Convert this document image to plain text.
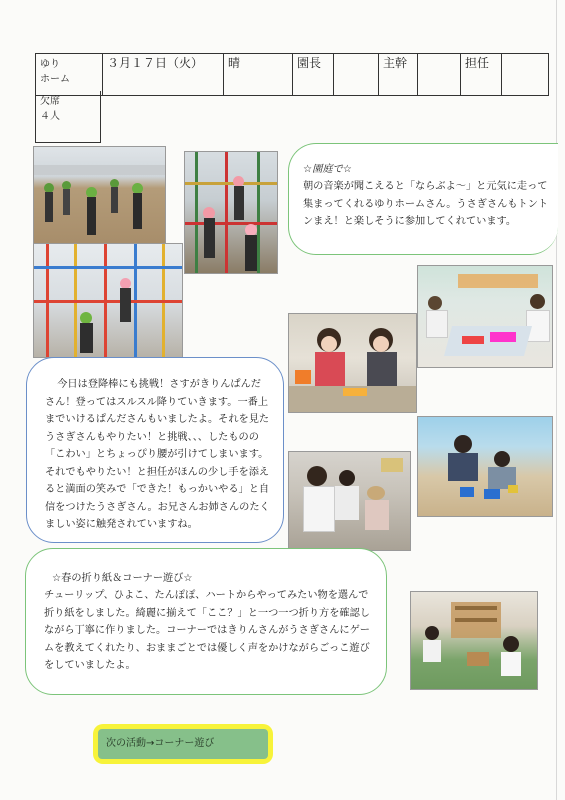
ゆり
ホーム
	３月１７日（火）	晴	園長		主幹		担任	
欠席
４人
☆園庭で☆
朝の音楽が聞こえると「ならぶよ～」と元気に走って集まってくれるゆりホームさん。うさぎさんもトントンまえ！と楽しそうに参加してくれています。
今日は登降棒にも挑戦！さすがきりんぱんださん！登ってはスルスル降りていきます。一番上までいけるぱんださんもいましたよ。それを見たうさぎさんもやりたい！と挑戦、、、したものの「こわい」とちょっぴり腰が引けてしまいます。それでもやりたい！と担任がほんの少し手を添えると満面の笑みで「できた！もっかいやる」と自信をつけたうさぎさん。お兄さんお姉さんのたくましい姿に触発されていますね。
☆春の折り紙＆コーナー遊び☆
チューリップ、ひよこ、たんぽぽ、ハートからやってみたい物を選んで折り紙をしました。綺麗に揃えて「ここ？」と一つ一つ折り方を確認しながら丁寧に作りました。コーナーではきりんさんがうさぎさんにゲームを教えてくれたり、おままごとでは優しく声をかけながらごっこ遊びをしていましたよ。
次の活動→コーナー遊び
